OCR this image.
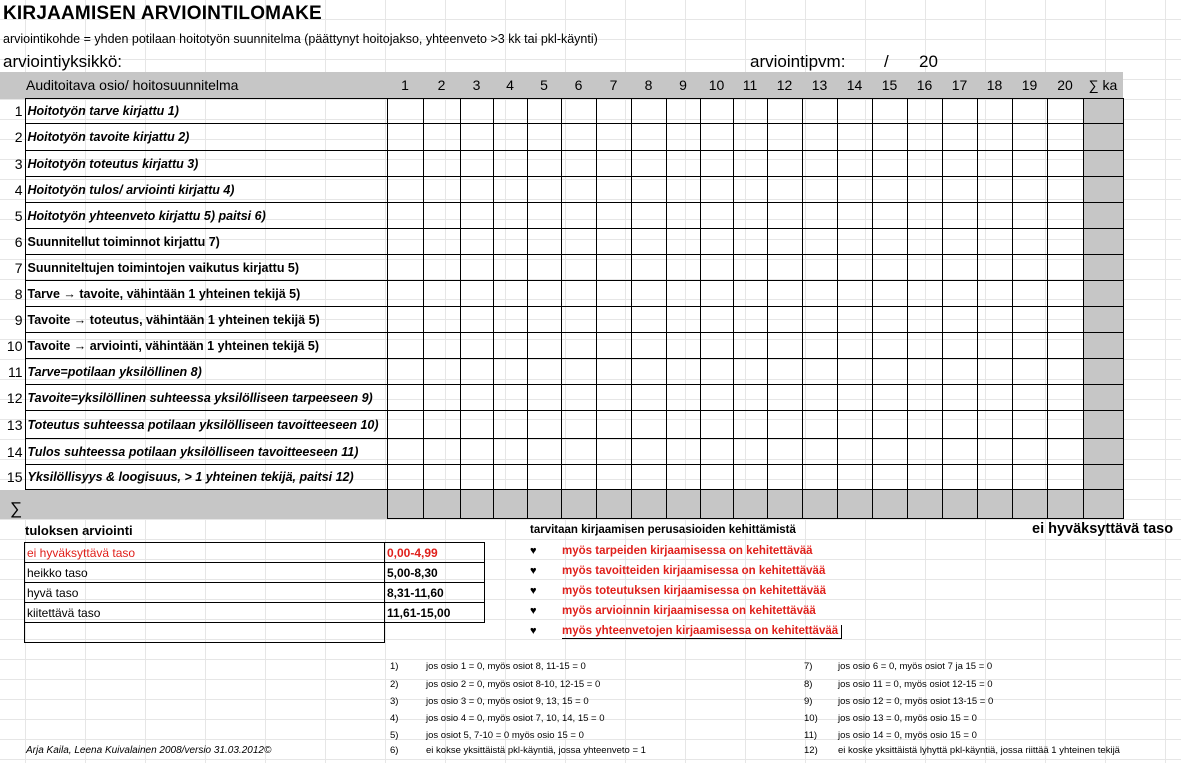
KIRJAAMISEN ARVIOINTILOMAKE
arviointikohde = yhden potilaan hoitotyön suunnitelma (päättynyt hoitojakso, yhteenveto >3 kk tai pkl-käynti)
arviointiyksikkö:	arviointipvm: / 20
	Auditoitava osio/ hoitosuunnitelma	1	2	3	4	5	6	7	8	9	10	11	12	13	14	15	16	17	18	19	20	∑ ka
1	Hoitotyön tarve kirjattu 1)																					
2	Hoitotyön tavoite kirjattu 2)																					
3	Hoitotyön toteutus kirjattu 3)																					
4	Hoitotyön tulos/ arviointi kirjattu 4)																					
5	Hoitotyön yhteenveto kirjattu 5) paitsi 6)																					
6	Suunnitellut toiminnot kirjattu 7)																					
7	Suunniteltujen toimintojen vaikutus kirjattu 5)																					
8	Tarve → tavoite, vähintään 1 yhteinen tekijä 5)																					
9	Tavoite → toteutus, vähintään 1 yhteinen tekijä 5)																					
10	Tavoite → arviointi, vähintään 1 yhteinen tekijä 5)																					
11	Tarve=potilaan yksilöllinen 8)																					
12	Tavoite=yksilöllinen suhteessa yksilölliseen tarpeeseen 9)																					
13	Toteutus suhteessa potilaan yksilölliseen tavoitteeseen 10)																					
14	Tulos suhteessa potilaan yksilölliseen tavoitteeseen 11)																					
15	Yksilöllisyys & loogisuus, > 1 yhteinen tekijä, paitsi 12)																					
∑																						
tuloksen arviointi	tarvitaan kirjaamisen perusasioiden kehittämistä	ei hyväksyttävä taso
ei hyväksyttävä taso	0,00-4,99
heikko taso	5,00-8,30
hyvä taso	8,31-11,60
kiitettävä taso	11,61-15,00

♥ myös tarpeiden kirjaamisessa on kehitettävää
♥ myös tavoitteiden kirjaamisessa on kehitettävää
♥ myös toteutuksen kirjaamisessa on kehitettävää
♥ myös arvioinnin kirjaamisessa on kehitettävää
♥ myös yhteenvetojen kirjaamisessa on kehitettävää
1)	jos osio 1 = 0, myös osiot 8, 11-15 = 0
2)	jos osio 2 = 0, myös osiot 8-10, 12-15 = 0
3)	jos osio 3 = 0, myös osiot 9, 13, 15 = 0
4)	jos osio 4 = 0, myös osiot 7, 10, 14, 15 = 0
5)	jos osiot 5, 7-10 = 0 myös osio 15 = 0
6)	ei kokse yksittäistä pkl-käyntiä, jossa yhteenveto = 1
7)	jos osio 6 = 0, myös osiot 7 ja 15 = 0
8)	jos osio 11 = 0, myös osiot 12-15 = 0
9)	jos osio 12 = 0, myös osiot 13-15 = 0
10) jos osio 13 = 0, myös osio 15 = 0
11) jos osio 14 = 0, myös osio 15 = 0
12) ei koske yksittäistä lyhyttä pkl-käyntiä, jossa riittää 1 yhteinen tekijä
Arja Kaila, Leena Kuivalainen 2008/versio 31.03.2012©
